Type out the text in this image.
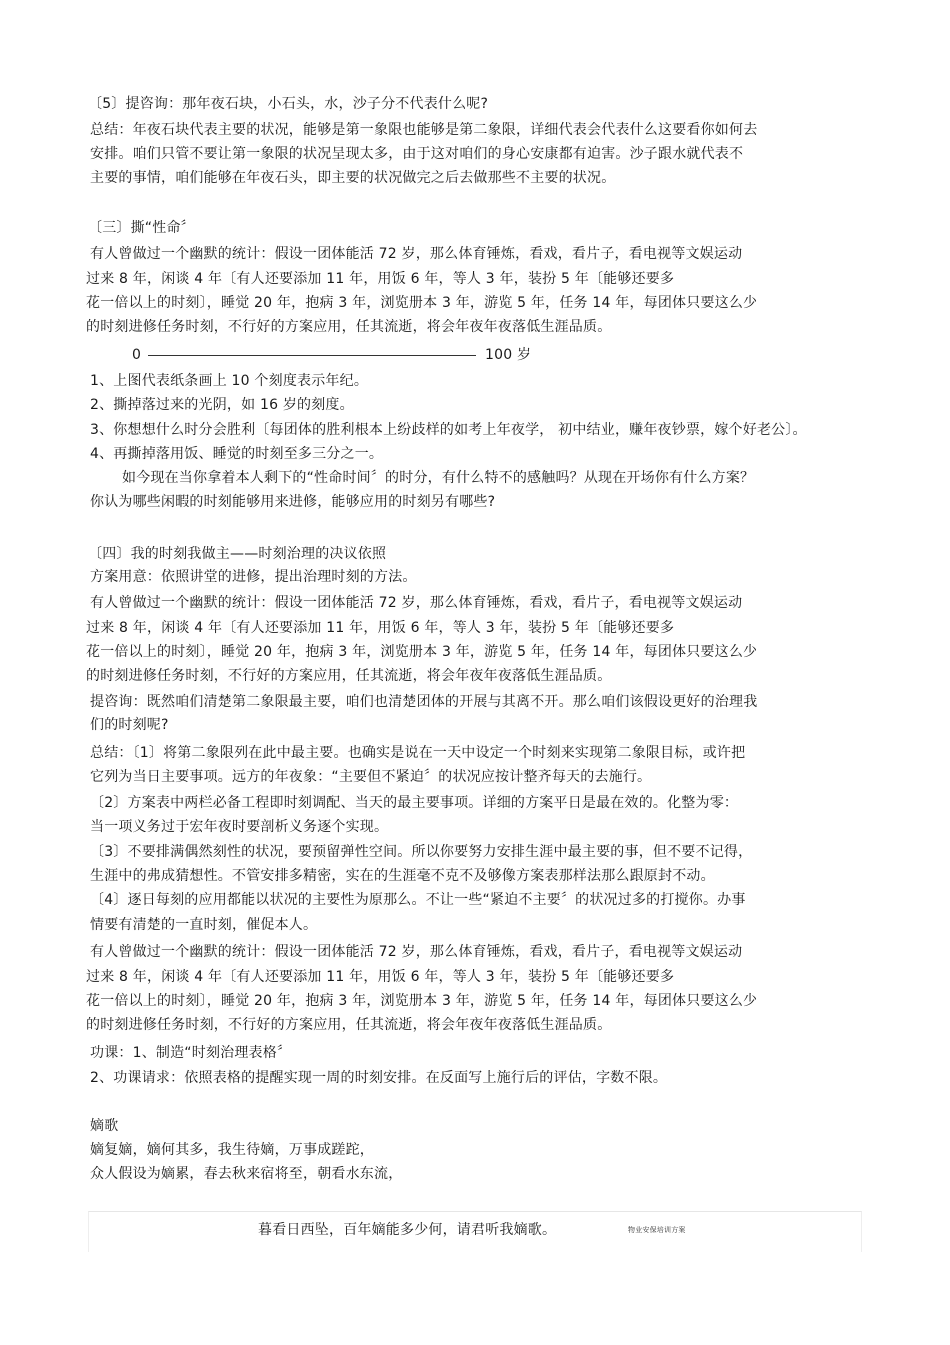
〔5〕提咨询：那年夜石块，小石头，水，沙子分不代表什么呢?
总结：年夜石块代表主要的状况，能够是第一象限也能够是第二象限，详细代表会代表什么这要看你如何去
安排。咱们只管不要让第一象限的状况呈现太多，由于这对咱们的身心安康都有迫害。沙子跟水就代表不
主要的事情，咱们能够在年夜石头，即主要的状况做完之后去做那些不主要的状况。
〔三〕撕“性命〞
有人曾做过一个幽默的统计：假设一团体能活 72 岁，那么体育锤炼，看戏，看片子，看电视等文娱运动
过来 8 年，闲谈 4 年〔有人还要添加 11 年，用饭 6 年，等人 3 年，装扮 5 年〔能够还要多
花一倍以上的时刻〕，睡觉 20 年，抱病 3 年，浏览册本 3 年，游览 5 年，任务 14 年，每团体只要这么少
的时刻进修任务时刻，不行好的方案应用，任其流逝，将会年夜年夜落低生涯品质。
0	100 岁
1、上图代表纸条画上 10 个刻度表示年纪。
2、撕掉落过来的光阴，如 16 岁的刻度。
3、你想想什么时分会胜利〔每团体的胜利根本上纷歧样的如考上年夜学， 初中结业，赚年夜钞票，嫁个好老公〕。
4、再撕掉落用饭、睡觉的时刻至多三分之一。
如今现在当你拿着本人剩下的“性命时间〞的时分，有什么特不的感触吗？从现在开场你有什么方案？
你认为哪些闲暇的时刻能够用来进修，能够应用的时刻另有哪些?
〔四〕我的时刻我做主——时刻治理的决议依照
方案用意：依照讲堂的进修，提出治理时刻的方法。
有人曾做过一个幽默的统计：假设一团体能活 72 岁，那么体育锤炼，看戏，看片子，看电视等文娱运动
过来 8 年，闲谈 4 年〔有人还要添加 11 年，用饭 6 年，等人 3 年，装扮 5 年〔能够还要多
花一倍以上的时刻〕，睡觉 20 年，抱病 3 年，浏览册本 3 年，游览 5 年，任务 14 年，每团体只要这么少
的时刻进修任务时刻，不行好的方案应用，任其流逝，将会年夜年夜落低生涯品质。
提咨询：既然咱们清楚第二象限最主要，咱们也清楚团体的开展与其离不开。那么咱们该假设更好的治理我
们的时刻呢?
总结：〔1〕将第二象限列在此中最主要。也确实是说在一天中设定一个时刻来实现第二象限目标，或许把
它列为当日主要事项。远方的年夜象：“主要但不紧迫〞的状况应按计整齐每天的去施行。
〔2〕方案表中两栏必备工程即时刻调配、当天的最主要事项。详细的方案平日是最在效的。化整为零：
当一项义务过于宏年夜时要剖析义务逐个实现。
〔3〕不要排满偶然刻性的状况，要预留弹性空间。所以你要努力安排生涯中最主要的事，但不要不记得，
生涯中的弗成猜想性。不管安排多精密，实在的生涯毫不克不及够像方案表那样法那么跟原封不动。
〔4〕逐日每刻的应用都能以状况的主要性为原那么。不让一些“紧迫不主要〞的状况过多的打搅你。办事
情要有清楚的一直时刻，催促本人。
有人曾做过一个幽默的统计：假设一团体能活 72 岁，那么体育锤炼，看戏，看片子，看电视等文娱运动
过来 8 年，闲谈 4 年〔有人还要添加 11 年，用饭 6 年，等人 3 年，装扮 5 年〔能够还要多
花一倍以上的时刻〕，睡觉 20 年，抱病 3 年，浏览册本 3 年，游览 5 年，任务 14 年，每团体只要这么少
的时刻进修任务时刻，不行好的方案应用，任其流逝，将会年夜年夜落低生涯品质。
功课：1、制造“时刻治理表格〞
2、功课请求：依照表格的提醒实现一周的时刻安排。在反面写上施行后的评估，字数不限。
嫡歌
嫡复嫡，嫡何其多，我生待嫡，万事成蹉跎，
众人假设为嫡累，春去秋来宿将至，朝看水东流，
暮看日西坠，百年嫡能多少何，请君听我嫡歌。	物业安保培训方案
